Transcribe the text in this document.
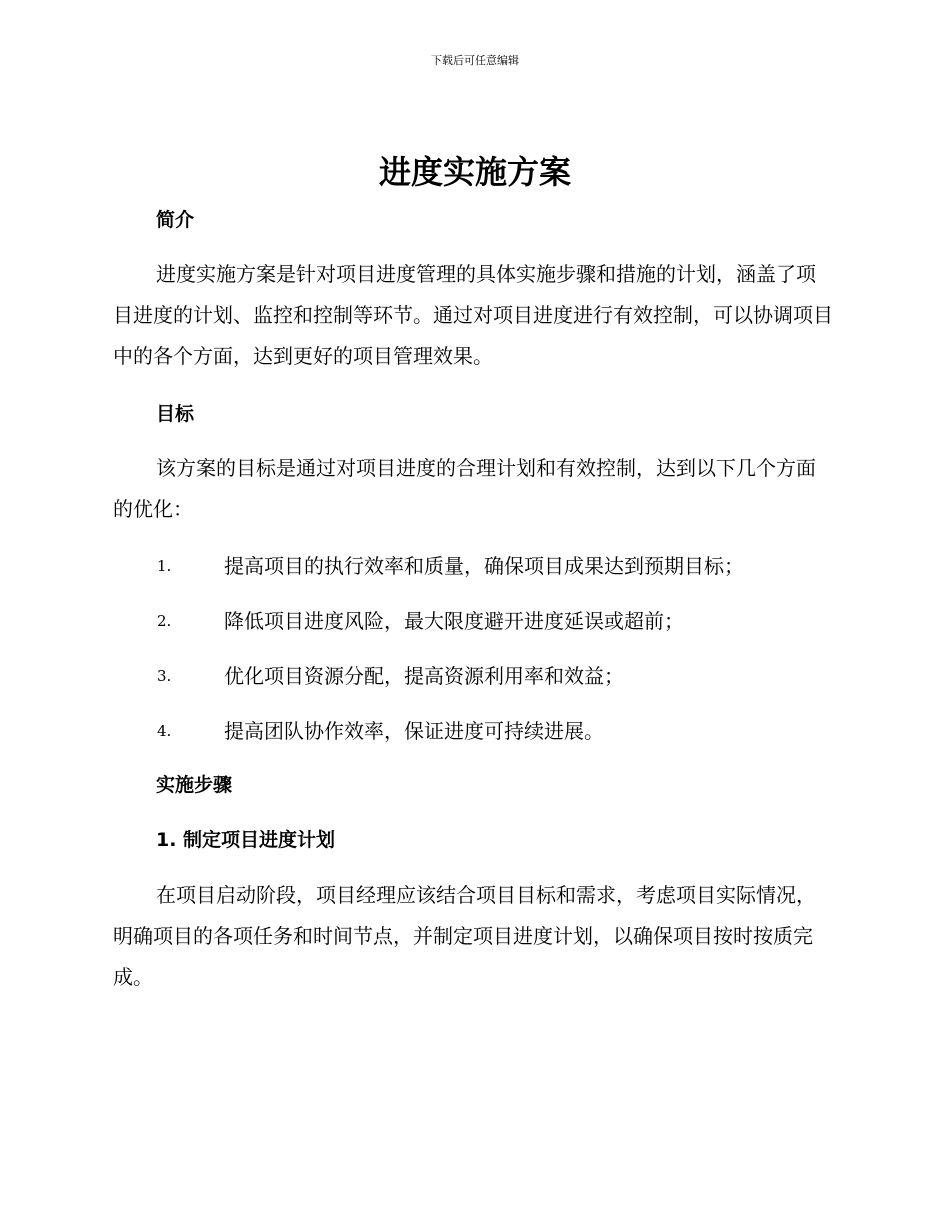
下载后可任意编辑
进度实施方案
简介
进度实施方案是针对项目进度管理的具体实施步骤和措施的计划，涵盖了项目进度的计划、监控和控制等环节。通过对项目进度进行有效控制，可以协调项目中的各个方面，达到更好的项目管理效果。
目标
该方案的目标是通过对项目进度的合理计划和有效控制，达到以下几个方面的优化：
1.	提高项目的执行效率和质量，确保项目成果达到预期目标；
2.	降低项目进度风险，最大限度避开进度延误或超前；
3.	优化项目资源分配，提高资源利用率和效益；
4.	提高团队协作效率，保证进度可持续进展。
实施步骤
1. 制定项目进度计划
在项目启动阶段，项目经理应该结合项目目标和需求，考虑项目实际情况，明确项目的各项任务和时间节点，并制定项目进度计划，以确保项目按时按质完成。
